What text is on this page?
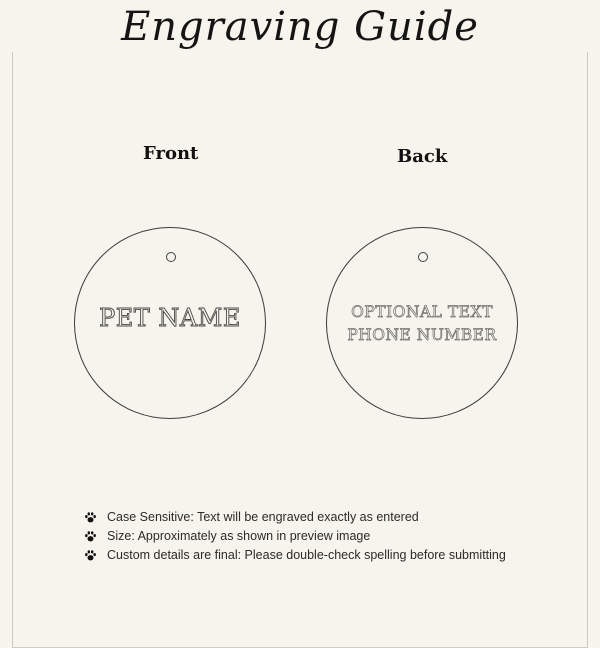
Engraving Guide
Front	Back
PET NAME	OPTIONAL TEXT
PHONE NUMBER
Case Sensitive: Text will be engraved exactly as entered
Size: Approximately as shown in preview image
Custom details are final: Please double-check spelling before submitting
